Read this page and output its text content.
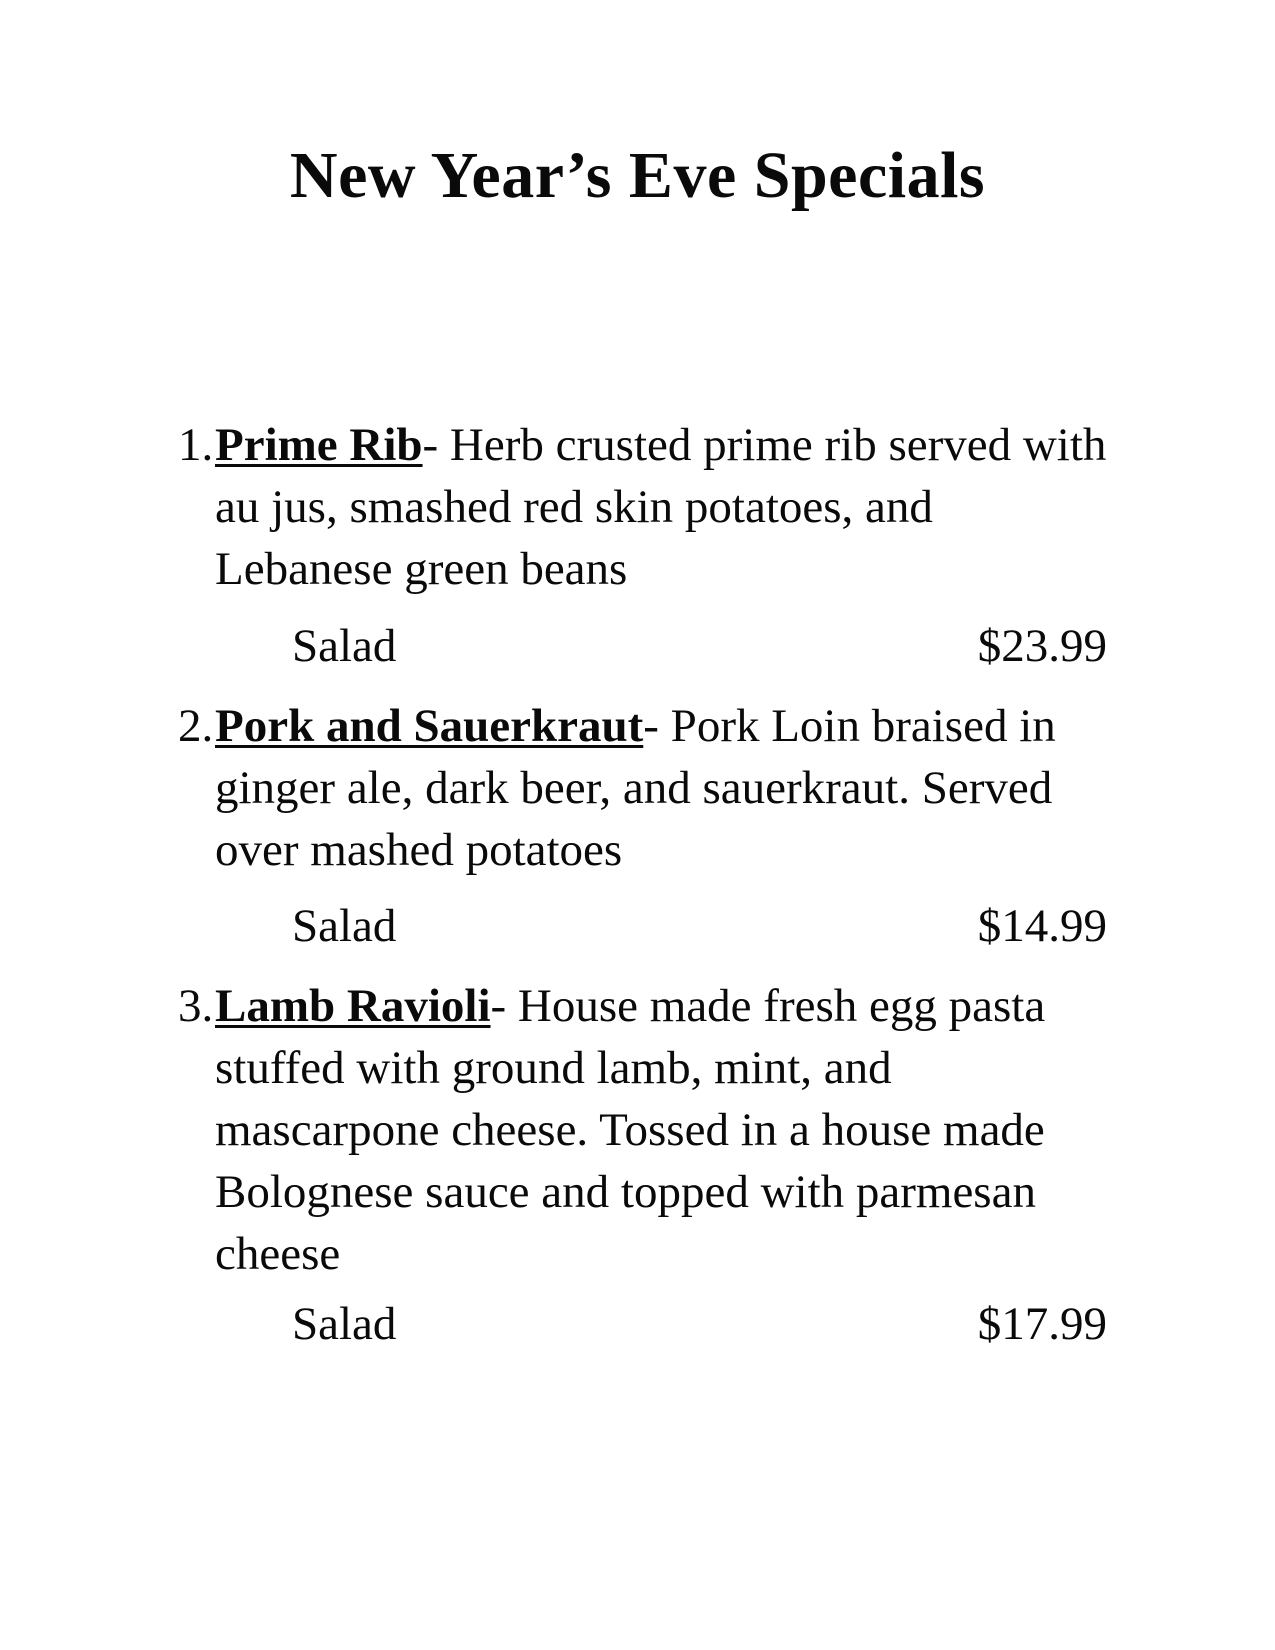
New Year’s Eve Specials
1. Prime Rib- Herb crusted prime rib served with au jus, smashed red skin potatoes, and Lebanese green beans
Salad	$23.99
2. Pork and Sauerkraut- Pork Loin braised in ginger ale, dark beer, and sauerkraut. Served over mashed potatoes
Salad	$14.99
3. Lamb Ravioli- House made fresh egg pasta stuffed with ground lamb, mint, and mascarpone cheese. Tossed in a house made Bolognese sauce and topped with parmesan cheese
Salad	$17.99
